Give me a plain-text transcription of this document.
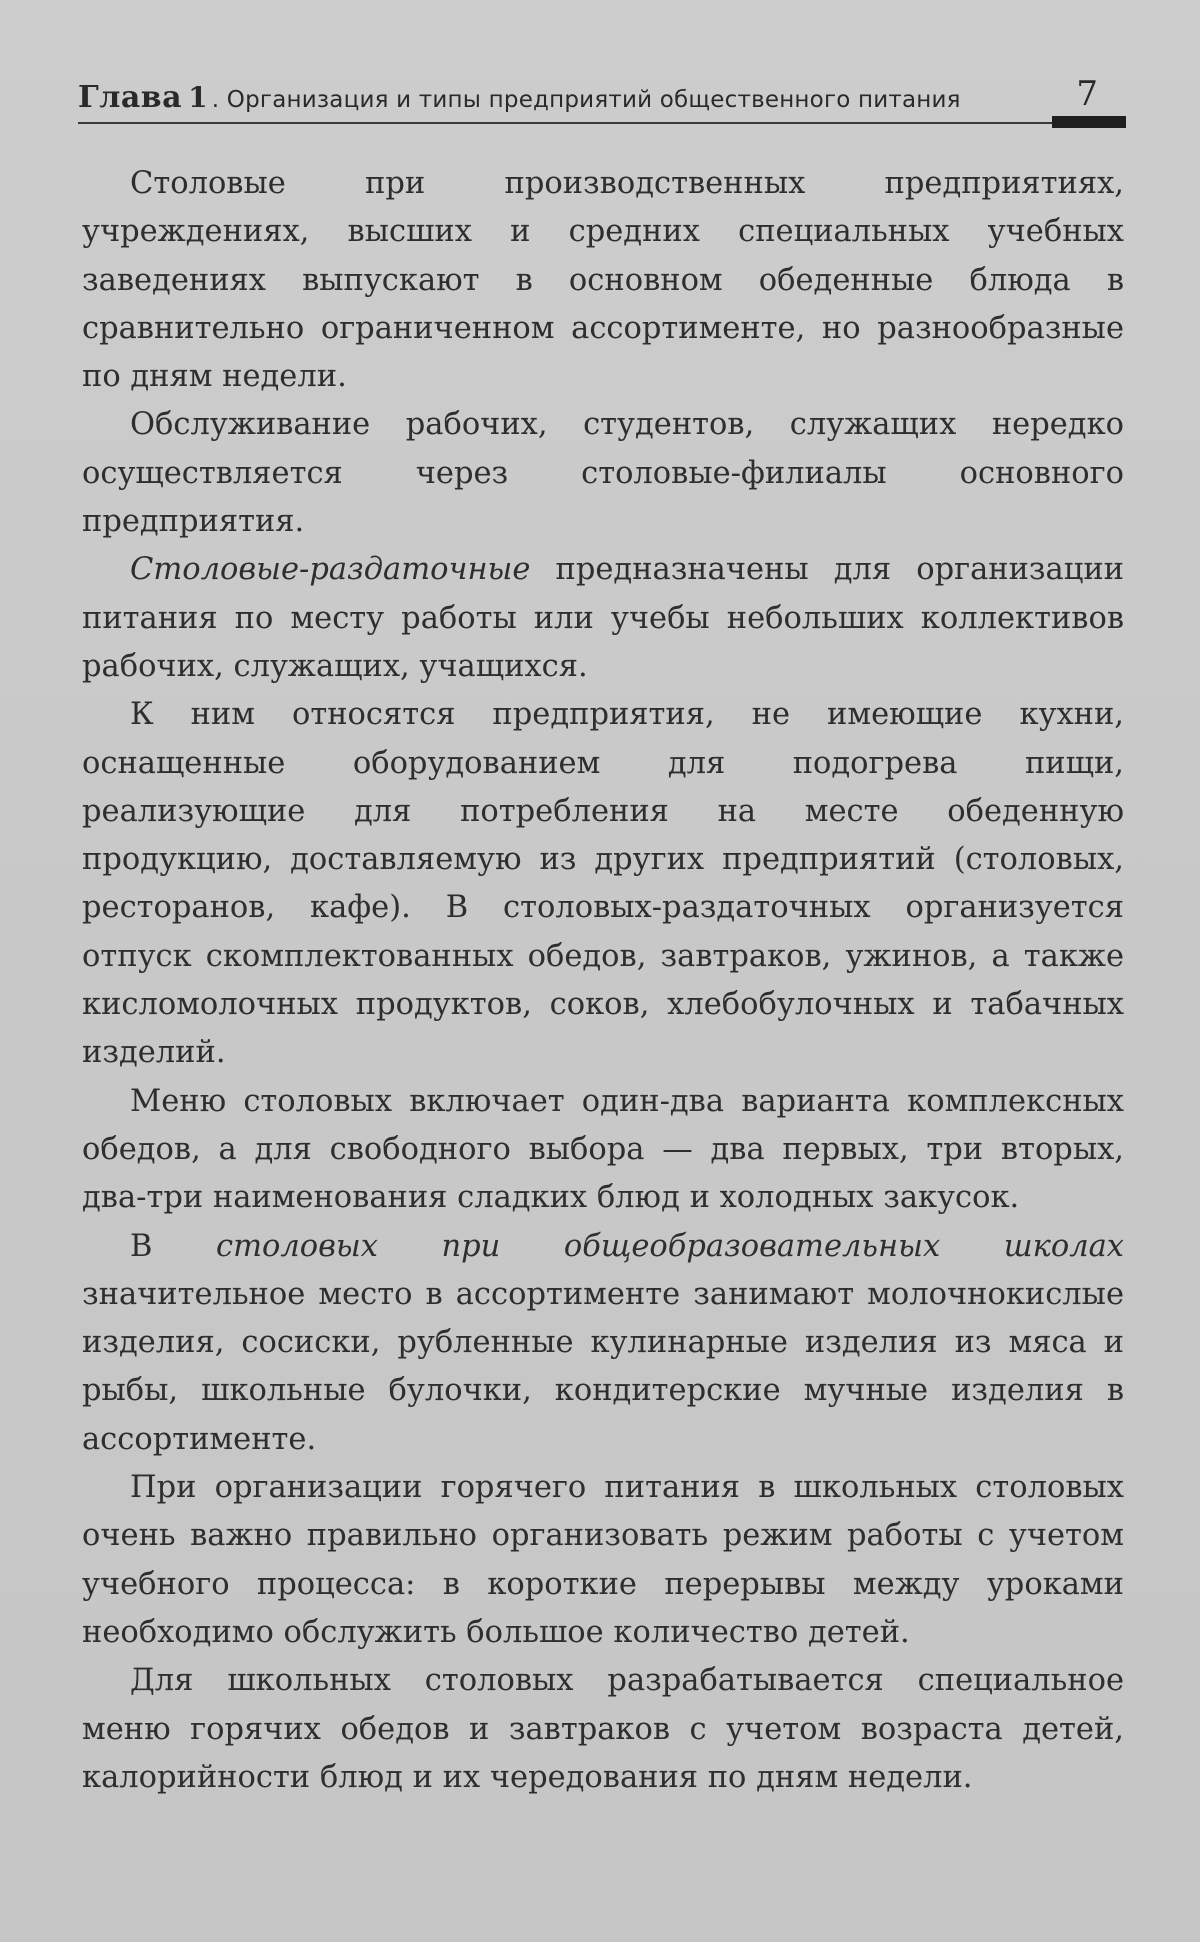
Глава 1 . Организация и типы предприятий общественного питания	7

Столовые при производственных предприятиях, учреждениях, высших и средних специальных учебных заведениях выпускают в основном обеденные блюда в сравнительно ограниченном ассортименте, но разнообразные по дням недели.

Обслуживание рабочих, студентов, служащих нередко осуществляется через столовые-филиалы основного предприятия.

Столовые-раздаточные предназначены для организации питания по месту работы или учебы небольших коллективов рабочих, служащих, учащихся.

К ним относятся предприятия, не имеющие кухни, оснащенные оборудованием для подогрева пищи, реализующие для потребления на месте обеденную продукцию, доставляемую из других предприятий (столовых, ресторанов, кафе). В столовых-раздаточных организуется отпуск скомплектованных обедов, завтраков, ужинов, а также кисломолочных продуктов, соков, хлебобулочных и табачных изделий.

Меню столовых включает один-два варианта комплексных обедов, а для свободного выбора — два первых, три вторых, два-три наименования сладких блюд и холодных закусок.

В столовых при общеобразовательных школах значительное место в ассортименте занимают молочнокислые изделия, сосиски, рубленные кулинарные изделия из мяса и рыбы, школьные булочки, кондитерские мучные изделия в ассортименте.

При организации горячего питания в школьных столовых очень важно правильно организовать режим работы с учетом учебного процесса: в короткие перерывы между уроками необходимо обслужить большое количество детей.

Для школьных столовых разрабатывается специальное меню горячих обедов и завтраков с учетом возраста детей, калорийности блюд и их чередования по дням недели.
